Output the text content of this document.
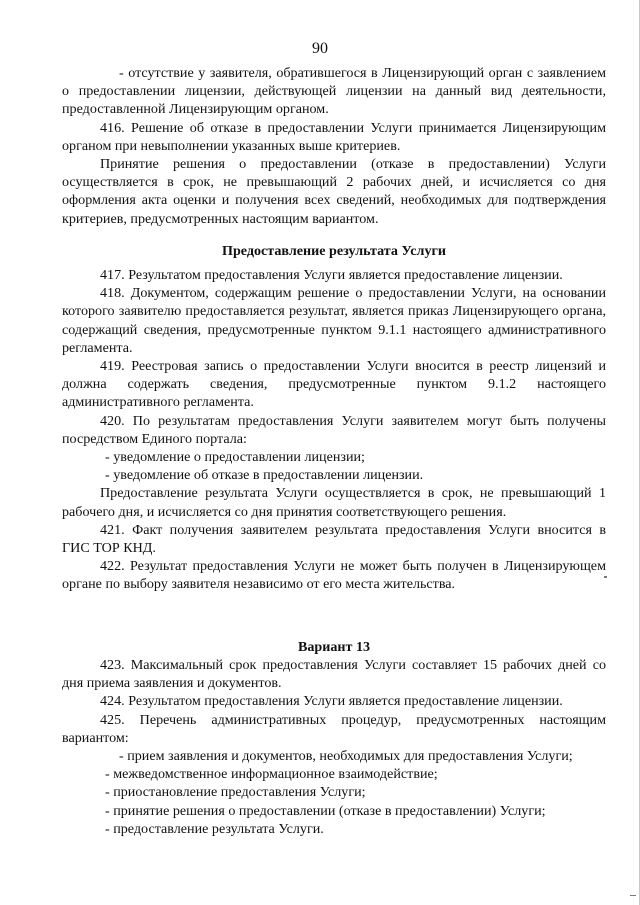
90

- отсутствие у заявителя, обратившегося в Лицензирующий орган с заявлением о предоставлении лицензии, действующей лицензии на данный вид деятельности, предоставленной Лицензирующим органом.

416. Решение об отказе в предоставлении Услуги принимается Лицензирующим органом при невыполнении указанных выше критериев.

Принятие решения о предоставлении (отказе в предоставлении) Услуги осуществляется в срок, не превышающий 2 рабочих дней, и исчисляется со дня оформления акта оценки и получения всех сведений, необходимых для подтверждения критериев, предусмотренных настоящим вариантом.

Предоставление результата Услуги

417. Результатом предоставления Услуги является предоставление лицензии.

418. Документом, содержащим решение о предоставлении Услуги, на основании которого заявителю предоставляется результат, является приказ Лицензирующего органа, содержащий сведения, предусмотренные пунктом 9.1.1 настоящего административного регламента.

419. Реестровая запись о предоставлении Услуги вносится в реестр лицензий и должна содержать сведения, предусмотренные пунктом 9.1.2 настоящего административного регламента.

420. По результатам предоставления Услуги заявителем могут быть получены посредством Единого портала:

- уведомление о предоставлении лицензии;

- уведомление об отказе в предоставлении лицензии.

Предоставление результата Услуги осуществляется в срок, не превышающий 1 рабочего дня, и исчисляется со дня принятия соответствующего решения.

421. Факт получения заявителем результата предоставления Услуги вносится в ГИС ТОР КНД.

422. Результат предоставления Услуги не может быть получен в Лицензирующем органе по выбору заявителя независимо от его места жительства.

Вариант 13

423. Максимальный срок предоставления Услуги составляет 15 рабочих дней со дня приема заявления и документов.

424. Результатом предоставления Услуги является предоставление лицензии.

425. Перечень административных процедур, предусмотренных настоящим вариантом:

- прием заявления и документов, необходимых для предоставления Услуги;

- межведомственное информационное взаимодействие;

- приостановление предоставления Услуги;

- принятие решения о предоставлении (отказе в предоставлении) Услуги;

- предоставление результата Услуги.
